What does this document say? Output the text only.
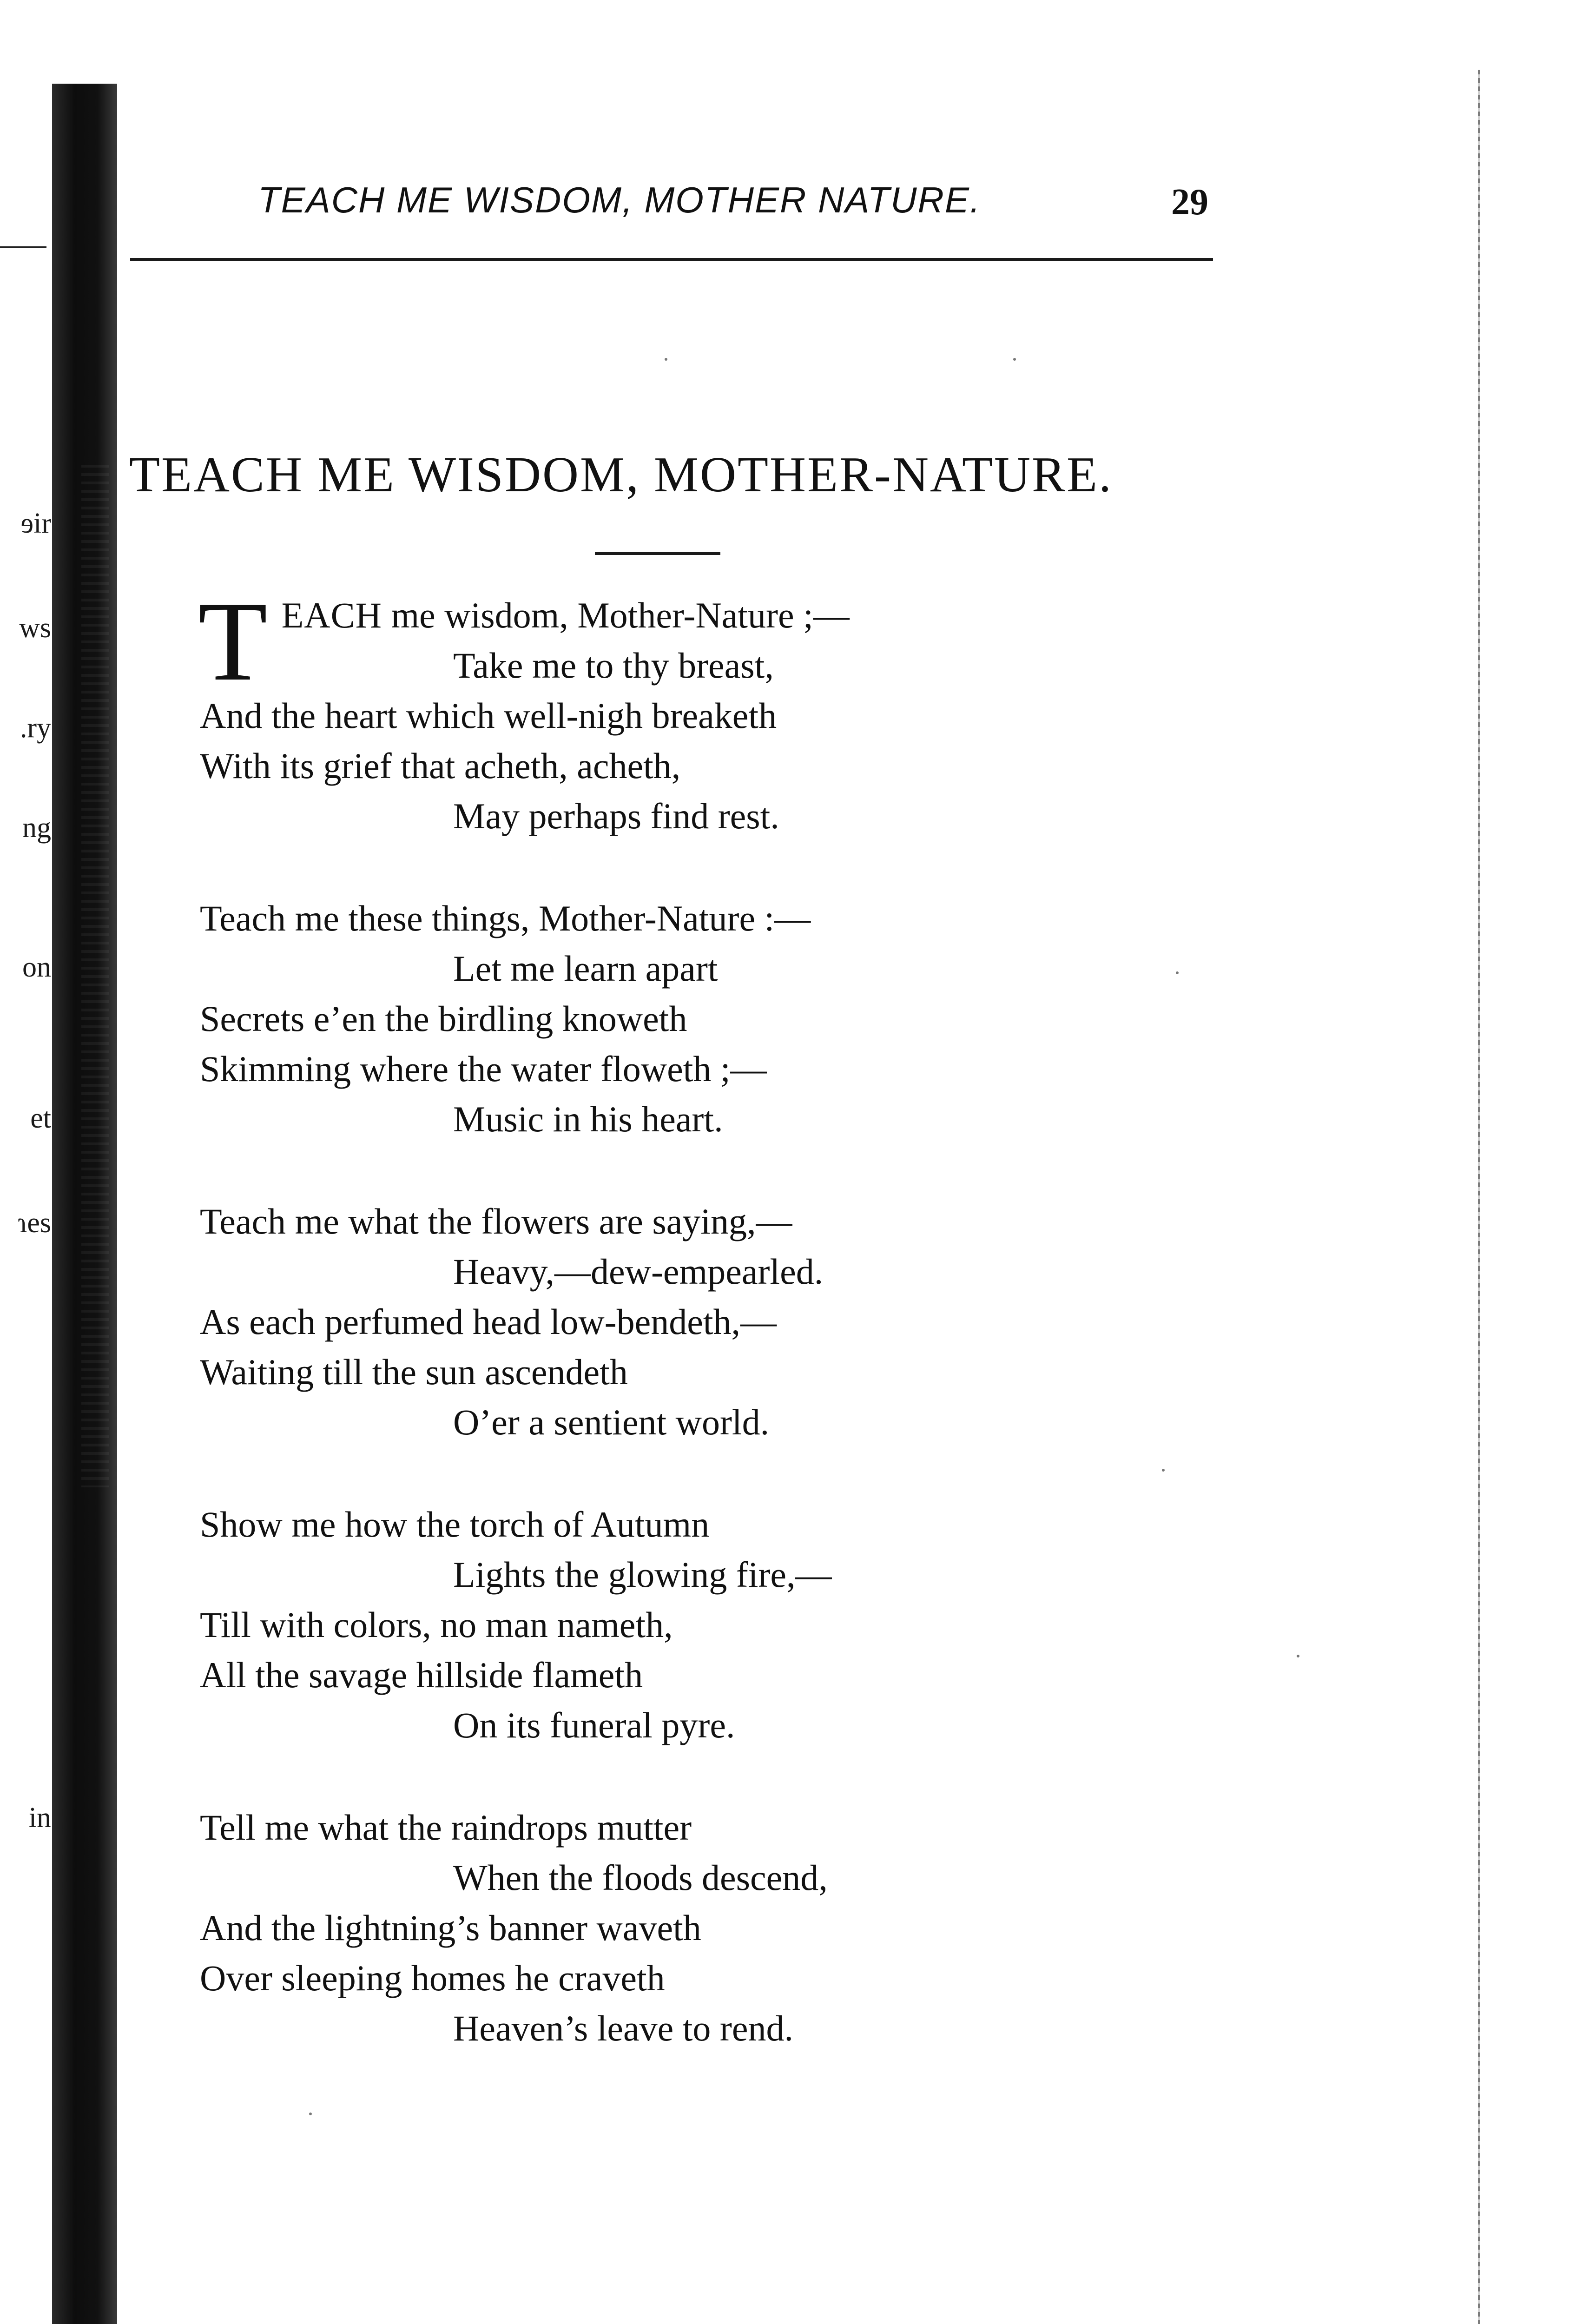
ɘir
ws
.ry
ng
on
et
ɿes
in
TEACH ME WISDOM, MOTHER NATURE.	29
TEACH ME WISDOM, MOTHER-NATURE.
T EACH me wisdom, Mother-Nature ;—
Take me to thy breast,
And the heart which well-nigh breaketh
With its grief that acheth, acheth,
May perhaps find rest.
Teach me these things, Mother-Nature :—
Let me learn apart
Secrets e’en the birdling knoweth
Skimming where the water floweth ;—
Music in his heart.
Teach me what the flowers are saying,—
Heavy,—dew-empearled.
As each perfumed head low-bendeth,—
Waiting till the sun ascendeth
O’er a sentient world.
Show me how the torch of Autumn
Lights the glowing fire,—
Till with colors, no man nameth,
All the savage hillside flameth
On its funeral pyre.
Tell me what the raindrops mutter
When the floods descend,
And the lightning’s banner waveth
Over sleeping homes he craveth
Heaven’s leave to rend.
